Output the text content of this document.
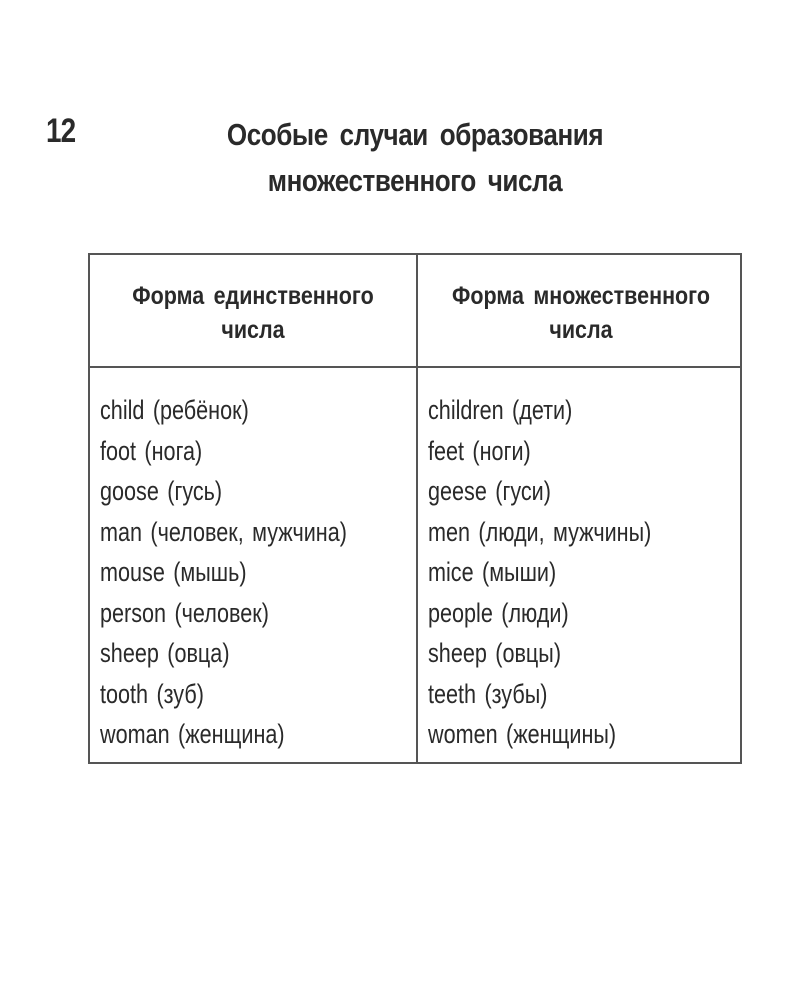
12	Особые случаи образования
множественного числа
Форма единственного
числа
Форма множественного
числа
child (ребёнок)
foot (нога)
goose (гусь)
man (человек, мужчина)
mouse (мышь)
person (человек)
sheep (овца)
tooth (зуб)
woman (женщина)
children (дети)
feet (ноги)
geese (гуси)
men (люди, мужчины)
mice (мыши)
people (люди)
sheep (овцы)
teeth (зубы)
women (женщины)
